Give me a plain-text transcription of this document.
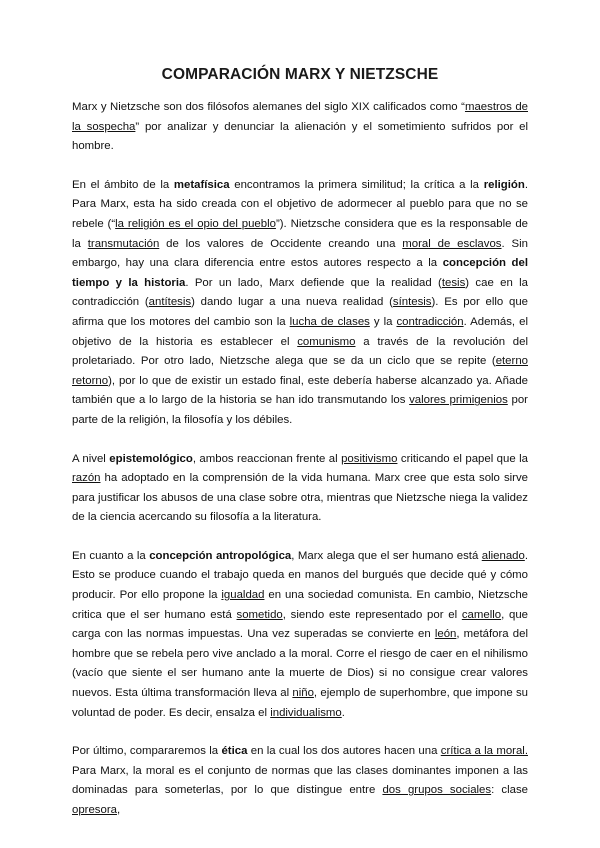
COMPARACIÓN MARX Y NIETZSCHE

Marx y Nietzsche son dos filósofos alemanes del siglo XIX calificados como “maestros de la sospecha” por analizar y denunciar la alienación y el sometimiento sufridos por el hombre.

En el ámbito de la metafísica encontramos la primera similitud; la crítica a la religión. Para Marx, esta ha sido creada con el objetivo de adormecer al pueblo para que no se rebele (“la religión es el opio del pueblo”). Nietzsche considera que es la responsable de la transmutación de los valores de Occidente creando una moral de esclavos. Sin embargo, hay una clara diferencia entre estos autores respecto a la concepción del tiempo y la historia. Por un lado, Marx defiende que la realidad (tesis) cae en la contradicción (antítesis) dando lugar a una nueva realidad (síntesis). Es por ello que afirma que los motores del cambio son la lucha de clases y la contradicción. Además, el objetivo de la historia es establecer el comunismo a través de la revolución del proletariado. Por otro lado, Nietzsche alega que se da un ciclo que se repite (eterno retorno), por lo que de existir un estado final, este debería haberse alcanzado ya. Añade también que a lo largo de la historia se han ido transmutando los valores primigenios por parte de la religión, la filosofía y los débiles.

A nivel epistemológico, ambos reaccionan frente al positivismo criticando el papel que la razón ha adoptado en la comprensión de la vida humana. Marx cree que esta solo sirve para justificar los abusos de una clase sobre otra, mientras que Nietzsche niega la validez de la ciencia acercando su filosofía a la literatura.

En cuanto a la concepción antropológica, Marx alega que el ser humano está alienado. Esto se produce cuando el trabajo queda en manos del burgués que decide qué y cómo producir. Por ello propone la igualdad en una sociedad comunista. En cambio, Nietzsche critica que el ser humano está sometido, siendo este representado por el camello, que carga con las normas impuestas. Una vez superadas se convierte en león, metáfora del hombre que se rebela pero vive anclado a la moral. Corre el riesgo de caer en el nihilismo (vacío que siente el ser humano ante la muerte de Dios) si no consigue crear valores nuevos. Esta última transformación lleva al niño, ejemplo de superhombre, que impone su voluntad de poder. Es decir, ensalza el individualismo.

Por último, compararemos la ética en la cual los dos autores hacen una crítica a la moral. Para Marx, la moral es el conjunto de normas que las clases dominantes imponen a las dominadas para someterlas, por lo que distingue entre dos grupos sociales: clase opresora,
